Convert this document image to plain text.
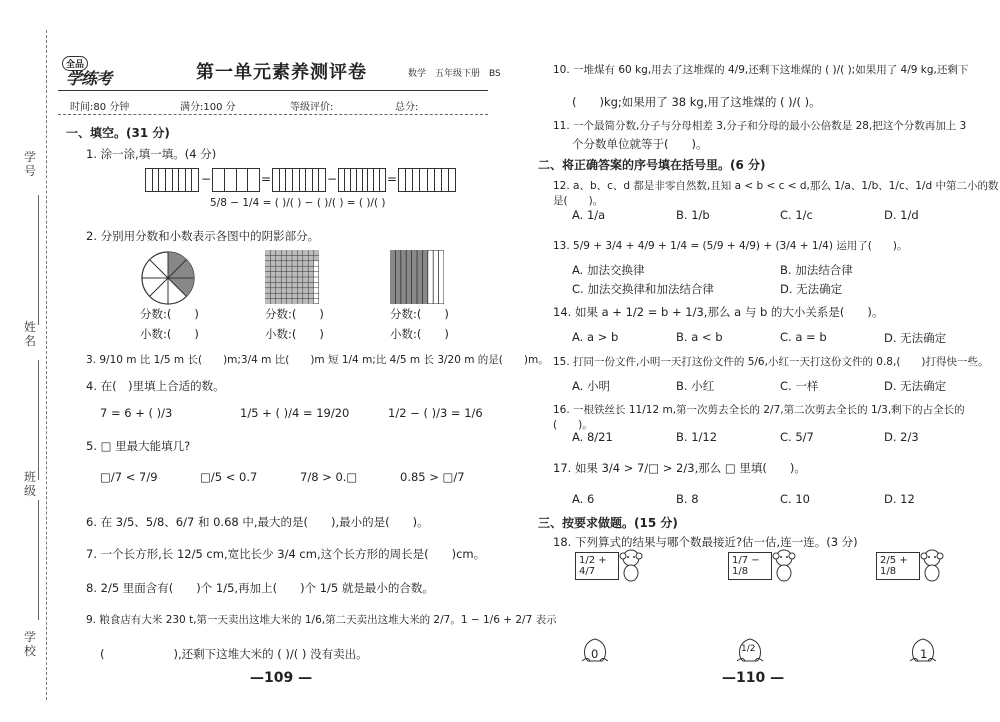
学号
姓名
班级
学校
全品
学练考	第一单元素养测评卷	数学　五年级下册　BS
时间:80 分钟	满分:100 分	等级评价:	总分:
一、填空。(31 分)
1. 涂一涂,填一填。(4 分)
−	=	−	=
5/8 − 1/4 = ( )/( ) − ( )/( ) = ( )/( )
2. 分别用分数和小数表示各图中的阴影部分。
分数:(　　)	分数:(　　)	分数:(　　)
小数:(　　)	小数:(　　)	小数:(　　)
3. 9/10 m 比 1/5 m 长(　　)m;3/4 m 比(　　)m 短 1/4 m;比 4/5 m 长 3/20 m 的是(　　)m。
4. 在(　)里填上合适的数。
7 = 6 + ( )/3	1/5 + ( )/4 = 19/20	1/2 − ( )/3 = 1/6
5. □ 里最大能填几?
□/7 < 7/9	□/5 < 0.7	7/8 > 0.□	0.85 > □/7
6. 在 3/5、5/8、6/7 和 0.68 中,最大的是(　　),最小的是(　　)。
7. 一个长方形,长 12/5 cm,宽比长少 3/4 cm,这个长方形的周长是(　　)cm。
8. 2/5 里面含有(　　)个 1/5,再加上(　　)个 1/5 就是最小的合数。
9. 粮食店有大米 230 t,第一天卖出这堆大米的 1/6,第二天卖出这堆大米的 2/7。1 − 1/6 + 2/7 表示
(　　　　　　),还剩下这堆大米的 ( )/( ) 没有卖出。
—109 —
10. 一堆煤有 60 kg,用去了这堆煤的 4/9,还剩下这堆煤的 ( )/( );如果用了 4/9 kg,还剩下
(　　)kg;如果用了 38 kg,用了这堆煤的 ( )/( )。
11. 一个最简分数,分子与分母相差 3,分子和分母的最小公倍数是 28,把这个分数再加上 3
个分数单位就等于(　　)。
二、将正确答案的序号填在括号里。(6 分)
12. a、b、c、d 都是非零自然数,且知 a < b < c < d,那么 1/a、1/b、1/c、1/d 中第二小的数是(　　)。
A. 1/a	B. 1/b	C. 1/c	D. 1/d
13. 5/9 + 3/4 + 4/9 + 1/4 = (5/9 + 4/9) + (3/4 + 1/4) 运用了(　　)。
A. 加法交换律	B. 加法结合律
C. 加法交换律和加法结合律	D. 无法确定
14. 如果 a + 1/2 = b + 1/3,那么 a 与 b 的大小关系是(　　)。
A. a > b	B. a < b	C. a = b	D. 无法确定
15. 打同一份文件,小明一天打这份文件的 5/6,小红一天打这份文件的 0.8,(　　)打得快一些。
A. 小明	B. 小红	C. 一样	D. 无法确定
16. 一根铁丝长 11/12 m,第一次剪去全长的 2/7,第二次剪去全长的 1/3,剩下的占全长的(　　)。
A. 8/21	B. 1/12	C. 5/7	D. 2/3
17. 如果 3/4 > 7/□ > 2/3,那么 □ 里填(　　)。
A. 6	B. 8	C. 10	D. 12
三、按要求做题。(15 分)
18. 下列算式的结果与哪个数最接近?估一估,连一连。(3 分)
1/2 + 4/7
1/7 − 1/8
2/5 + 1/8
0	1/2	1
—110 —
